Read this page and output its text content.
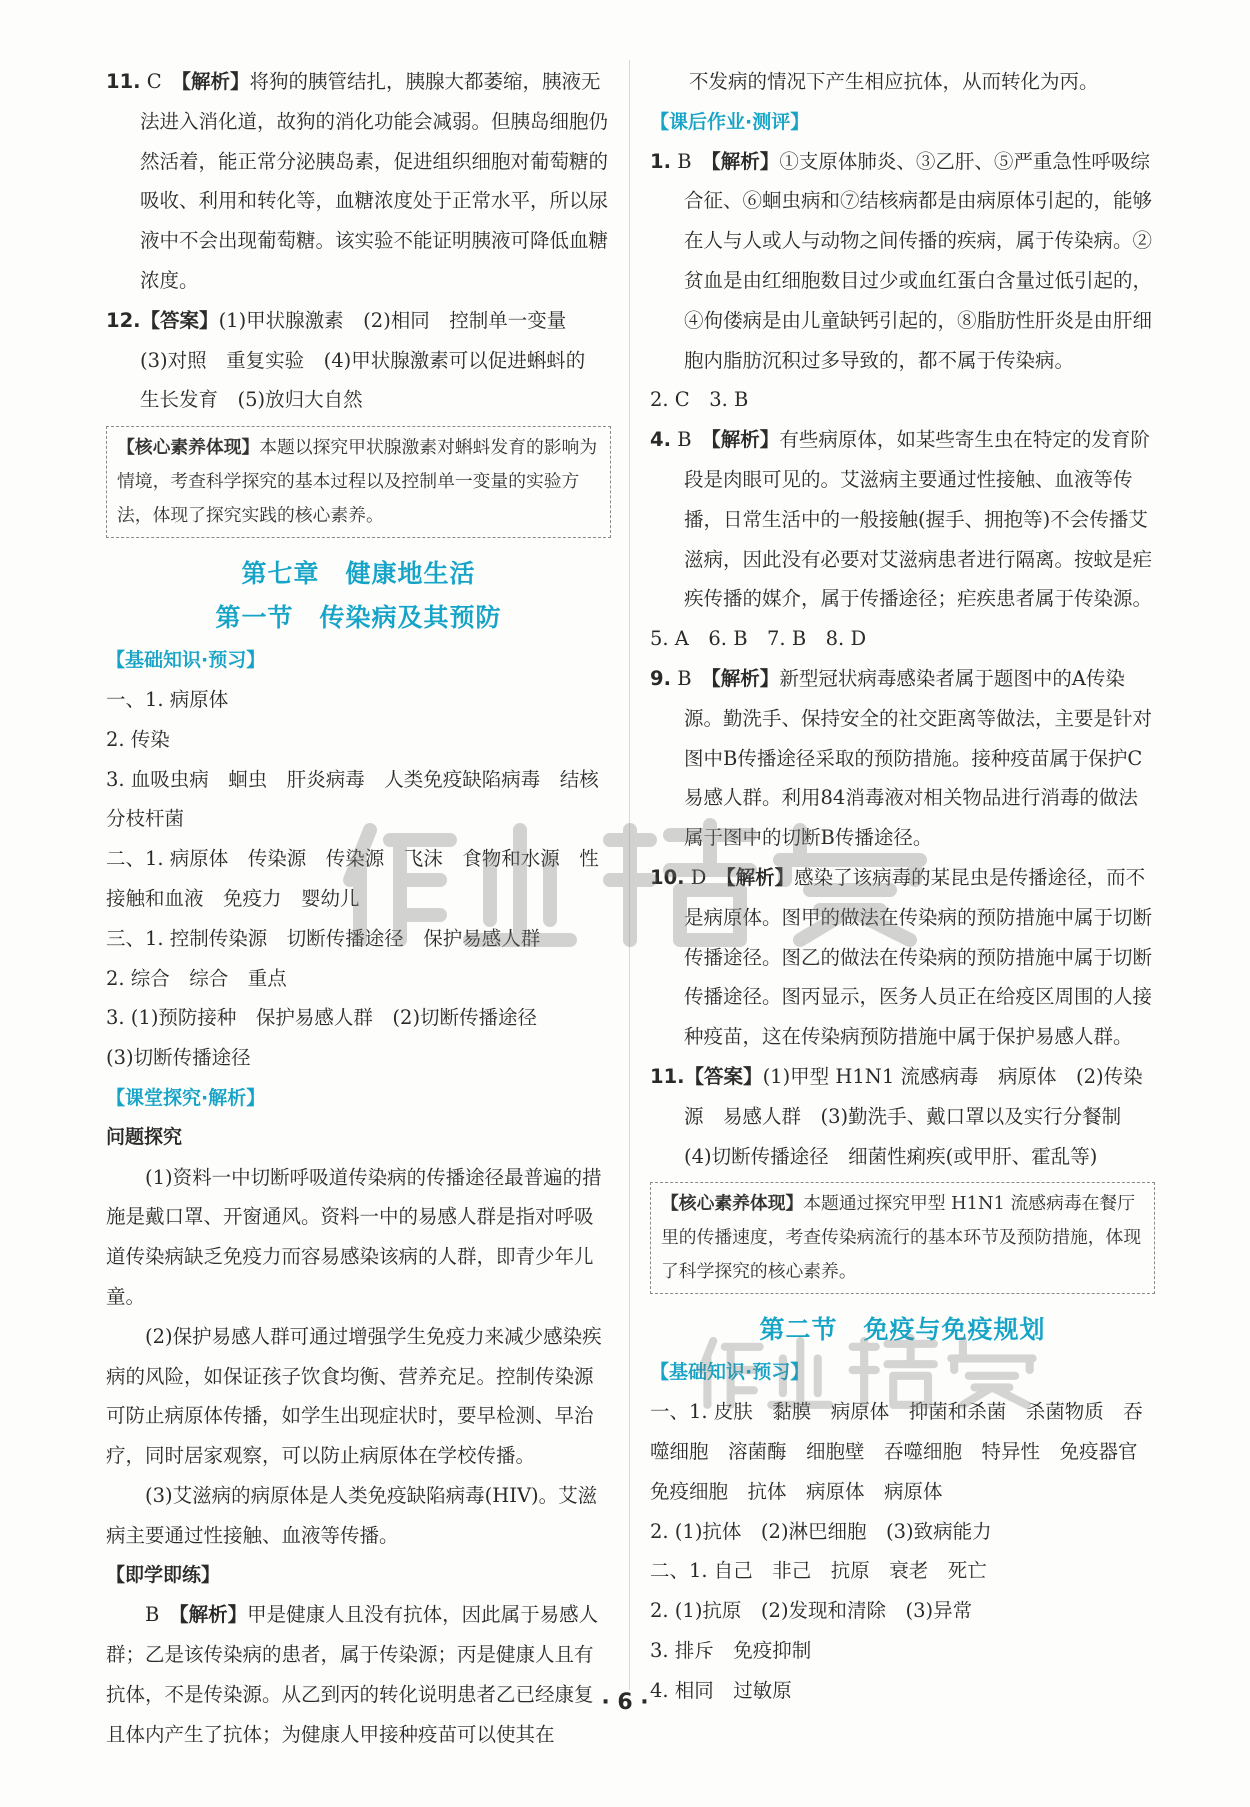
11. C　 【解析】将狗的胰管结扎，胰腺大都萎缩，胰液无法进入消化道，故狗的消化功能会减弱。但胰岛细胞仍然活着，能正常分泌胰岛素，促进组织细胞对葡萄糖的吸收、利用和转化等，血糖浓度处于正常水平，所以尿液中不会出现葡萄糖。该实验不能证明胰液可降低血糖浓度。

12.【答案】(1)甲状腺激素　(2)相同　控制单一变量
(3)对照　重复实验　(4)甲状腺激素可以促进蝌蚪的
生长发育　(5)放归大自然

【核心素养体现】本题以探究甲状腺激素对蝌蚪发育的影响为情境，考查科学探究的基本过程以及控制单一变量的实验方法，体现了探究实践的核心素养。
第七章　健康地生活
第一节　传染病及其预防
【基础知识·预习】

一、1. 病原体

2. 传染

3. 血吸虫病　蛔虫　肝炎病毒　人类免疫缺陷病毒　结核分枝杆菌

二、1. 病原体　传染源　传染源　飞沫　食物和水源　性接触和血液　免疫力　婴幼儿

三、1. 控制传染源　切断传播途径　保护易感人群

2. 综合　综合　重点

3. (1)预防接种　保护易感人群　(2)切断传播途径

(3)切断传播途径

【课堂探究·解析】

问题探究

(1)资料一中切断呼吸道传染病的传播途径最普遍的措施是戴口罩、开窗通风。资料一中的易感人群是指对呼吸道传染病缺乏免疫力而容易感染该病的人群，即青少年儿童。

(2)保护易感人群可通过增强学生免疫力来减少感染疾病的风险，如保证孩子饮食均衡、营养充足。控制传染源可防止病原体传播，如学生出现症状时，要早检测、早治疗，同时居家观察，可以防止病原体在学校传播。

(3)艾滋病的病原体是人类免疫缺陷病毒(HIV)。艾滋病主要通过性接触、血液等传播。

【即学即练】

B　 【解析】甲是健康人且没有抗体，因此属于易感人群；乙是该传染病的患者，属于传染源；丙是健康人且有抗体，不是传染源。从乙到丙的转化说明患者乙已经康复且体内产生了抗体；为健康人甲接种疫苗可以使其在

不发病的情况下产生相应抗体，从而转化为丙。

【课后作业·测评】

1. B　 【解析】①支原体肺炎、③乙肝、⑤严重急性呼吸综合征、⑥蛔虫病和⑦结核病都是由病原体引起的，能够在人与人或人与动物之间传播的疾病，属于传染病。②贫血是由红细胞数目过少或血红蛋白含量过低引起的，④佝偻病是由儿童缺钙引起的，⑧脂肪性肝炎是由肝细胞内脂肪沉积过多导致的，都不属于传染病。

2. C　3. B

4. B　 【解析】有些病原体，如某些寄生虫在特定的发育阶段是肉眼可见的。艾滋病主要通过性接触、血液等传播，日常生活中的一般接触(握手、拥抱等)不会传播艾滋病，因此没有必要对艾滋病患者进行隔离。按蚊是疟疾传播的媒介，属于传播途径；疟疾患者属于传染源。

5. A　6. B　7. B　8. D

9. B　 【解析】新型冠状病毒感染者属于题图中的A传染源。勤洗手、保持安全的社交距离等做法，主要是针对图中B传播途径采取的预防措施。接种疫苗属于保护C易感人群。利用84消毒液对相关物品进行消毒的做法属于图中的切断B传播途径。

10. D　 【解析】感染了该病毒的某昆虫是传播途径，而不是病原体。图甲的做法在传染病的预防措施中属于切断传播途径。图乙的做法在传染病的预防措施中属于切断传播途径。图丙显示，医务人员正在给疫区周围的人接种疫苗，这在传染病预防措施中属于保护易感人群。

11.【答案】(1)甲型 H1N1 流感病毒　病原体　(2)传染
源　易感人群　(3)勤洗手、戴口罩以及实行分餐制
(4)切断传播途径　细菌性痢疾(或甲肝、霍乱等)

【核心素养体现】本题通过探究甲型 H1N1 流感病毒在餐厅里的传播速度，考查传染病流行的基本环节及预防措施，体现了科学探究的核心素养。
第二节　免疫与免疫规划
【基础知识·预习】

一、1. 皮肤　黏膜　病原体　抑菌和杀菌　杀菌物质　吞噬细胞　溶菌酶　细胞壁　吞噬细胞　特异性　免疫器官　免疫细胞　抗体　病原体　病原体

2. (1)抗体　(2)淋巴细胞　(3)致病能力

二、1. 自己　非己　抗原　衰老　死亡

2. (1)抗原　(2)发现和清除　(3)异常

3. 排斥　免疫抑制

4. 相同　过敏原

· 6 ·
